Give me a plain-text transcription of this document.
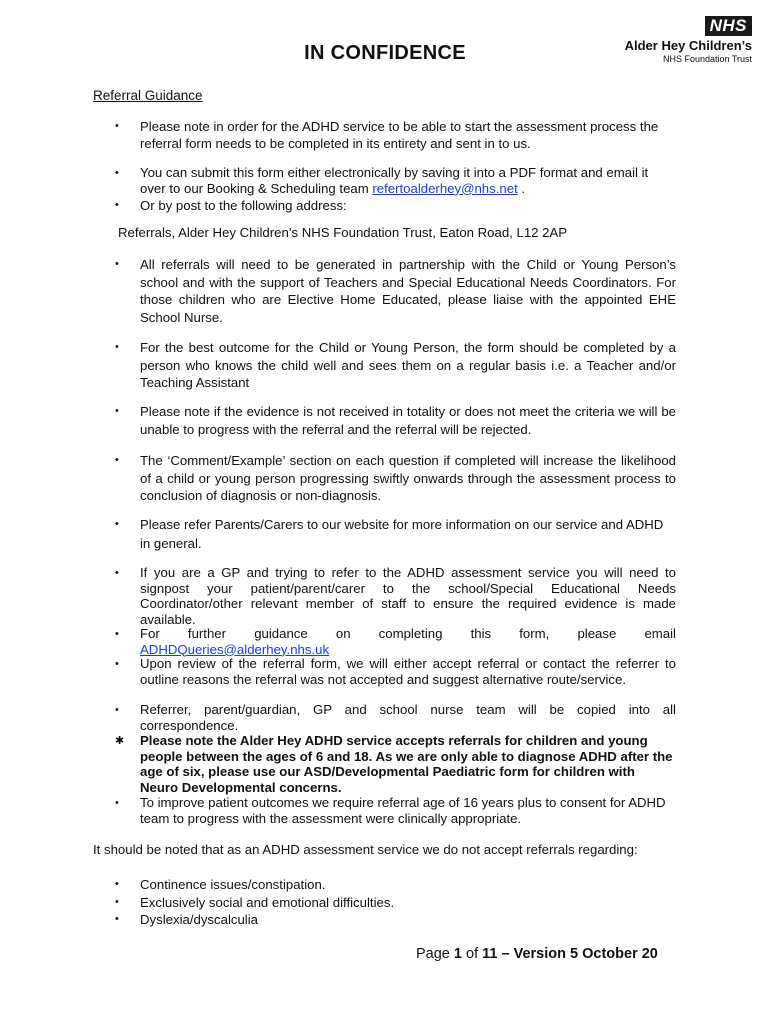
NHS
Alder Hey Children’s
NHS Foundation Trust
IN CONFIDENCE
Referral Guidance
• Please note in order for the ADHD service to be able to start the assessment process the referral form needs to be completed in its entirety and sent in to us.
• You can submit this form either electronically by saving it into a PDF format and email it over to our Booking & Scheduling team refertoalderhey@nhs.net .
• Or by post to the following address:
Referrals, Alder Hey Children’s NHS Foundation Trust, Eaton Road, L12 2AP
• All referrals will need to be generated in partnership with the Child or Young Person’s school and with the support of Teachers and Special Educational Needs Coordinators. For those children who are Elective Home Educated, please liaise with the appointed EHE School Nurse.
• For the best outcome for the Child or Young Person, the form should be completed by a person who knows the child well and sees them on a regular basis i.e. a Teacher and/or Teaching Assistant
• Please note if the evidence is not received in totality or does not meet the criteria we will be unable to progress with the referral and the referral will be rejected.
• The ‘Comment/Example’ section on each question if completed will increase the likelihood of a child or young person progressing swiftly onwards through the assessment process to conclusion of diagnosis or non-diagnosis.
• Please refer Parents/Carers to our website for more information on our service and ADHD in general.
• If you are a GP and trying to refer to the ADHD assessment service you will need to signpost your patient/parent/carer to the school/Special Educational Needs Coordinator/other relevant member of staff to ensure the required evidence is made available.
• For further guidance on completing this form, please email
ADHDQueries@alderhey.nhs.uk
• Upon review of the referral form, we will either accept referral or contact the referrer to outline reasons the referral was not accepted and suggest alternative route/service.
• Referrer, parent/guardian, GP and school nurse team will be copied into all correspondence.
✱ Please note the Alder Hey ADHD service accepts referrals for children and young people between the ages of 6 and 18. As we are only able to diagnose ADHD after the age of six, please use our ASD/Developmental Paediatric form for children with Neuro Developmental concerns.
• To improve patient outcomes we require referral age of 16 years plus to consent for ADHD team to progress with the assessment were clinically appropriate.
It should be noted that as an ADHD assessment service we do not accept referrals regarding:
• Continence issues/constipation.
• Exclusively social and emotional difficulties.
• Dyslexia/dyscalculia
Page 1 of 11 – Version 5 October 20
